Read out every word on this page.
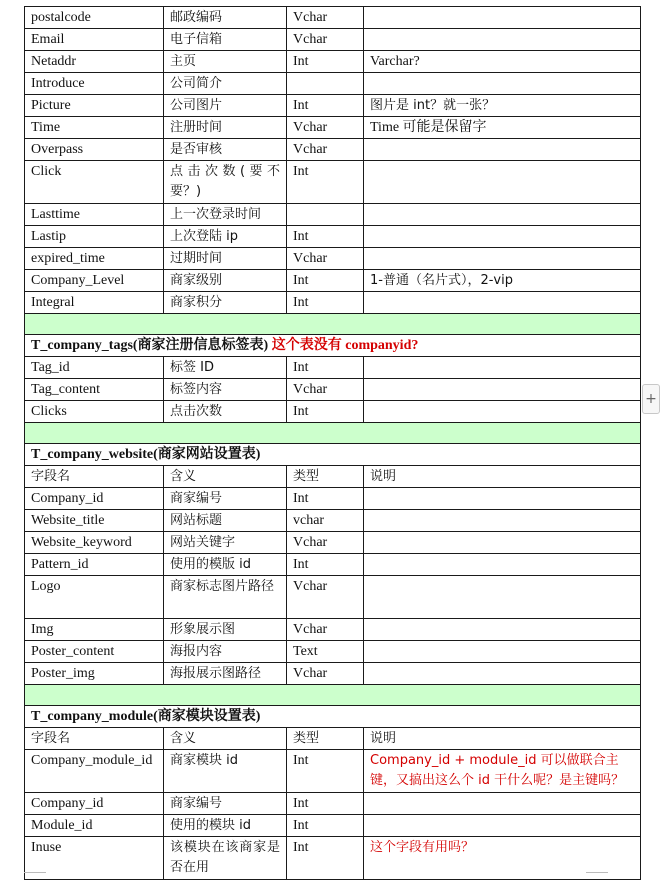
postalcode	邮政编码	Vchar	
Email	电子信箱	Vchar	
Netaddr	主页	Int	Varchar?
Introduce	公司简介		
Picture	公司图片	Int	图片是 int？就一张？
Time	注册时间	Vchar	Time 可能是保留字
Overpass	是否审核	Vchar	
Click	点击次数(要不要？)	Int	
Lasttime	上一次登录时间		
Lastip	上次登陆 ip	Int	
expired_time	过期时间	Vchar	
Company_Level	商家级别	Int	1-普通（名片式），2-vip
Integral	商家积分	Int	

T_company_tags(商家注册信息标签表) 这个表没有 companyid?			
Tag_id	标签 ID	Int	
Tag_content	标签内容	Vchar	
Clicks	点击次数	Int	

T_company_website(商家网站设置表)			
字段名	含义	类型	说明
Company_id	商家编号	Int	
Website_title	网站标题	vchar	
Website_keyword	网站关键字	Vchar	
Pattern_id	使用的模版 id	Int	
Logo	商家标志图片路径	Vchar	
Img	形象展示图	Vchar	
Poster_content	海报内容	Text	
Poster_img	海报展示图路径	Vchar	

T_company_module(商家模块设置表)			
字段名	含义	类型	说明
Company_module_id	商家模块 id	Int	Company_id + module_id 可以做联合主键，又搞出这么个 id 干什么呢？是主键吗？
Company_id	商家编号	Int	
Module_id	使用的模块 id	Int	
Inuse	该模块在该商家是否在用	Int	这个字段有用吗？
+
